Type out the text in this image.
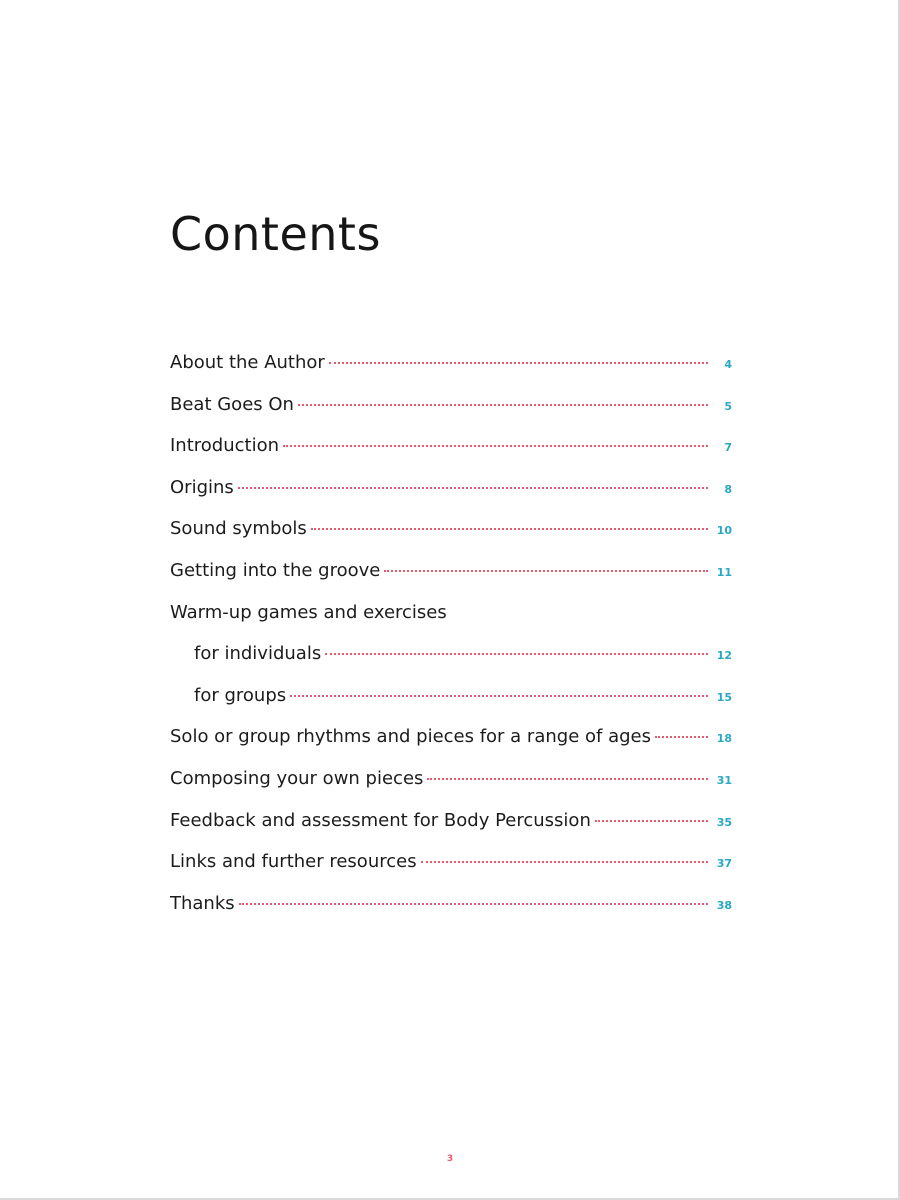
Contents
About the Author	4
Beat Goes On	5
Introduction	7
Origins	8
Sound symbols	10
Getting into the groove	11
Warm-up games and exercises
for individuals	12
for groups	15
Solo or group rhythms and pieces for a range of ages	18
Composing your own pieces	31
Feedback and assessment for Body Percussion	35
Links and further resources	37
Thanks	38
3
